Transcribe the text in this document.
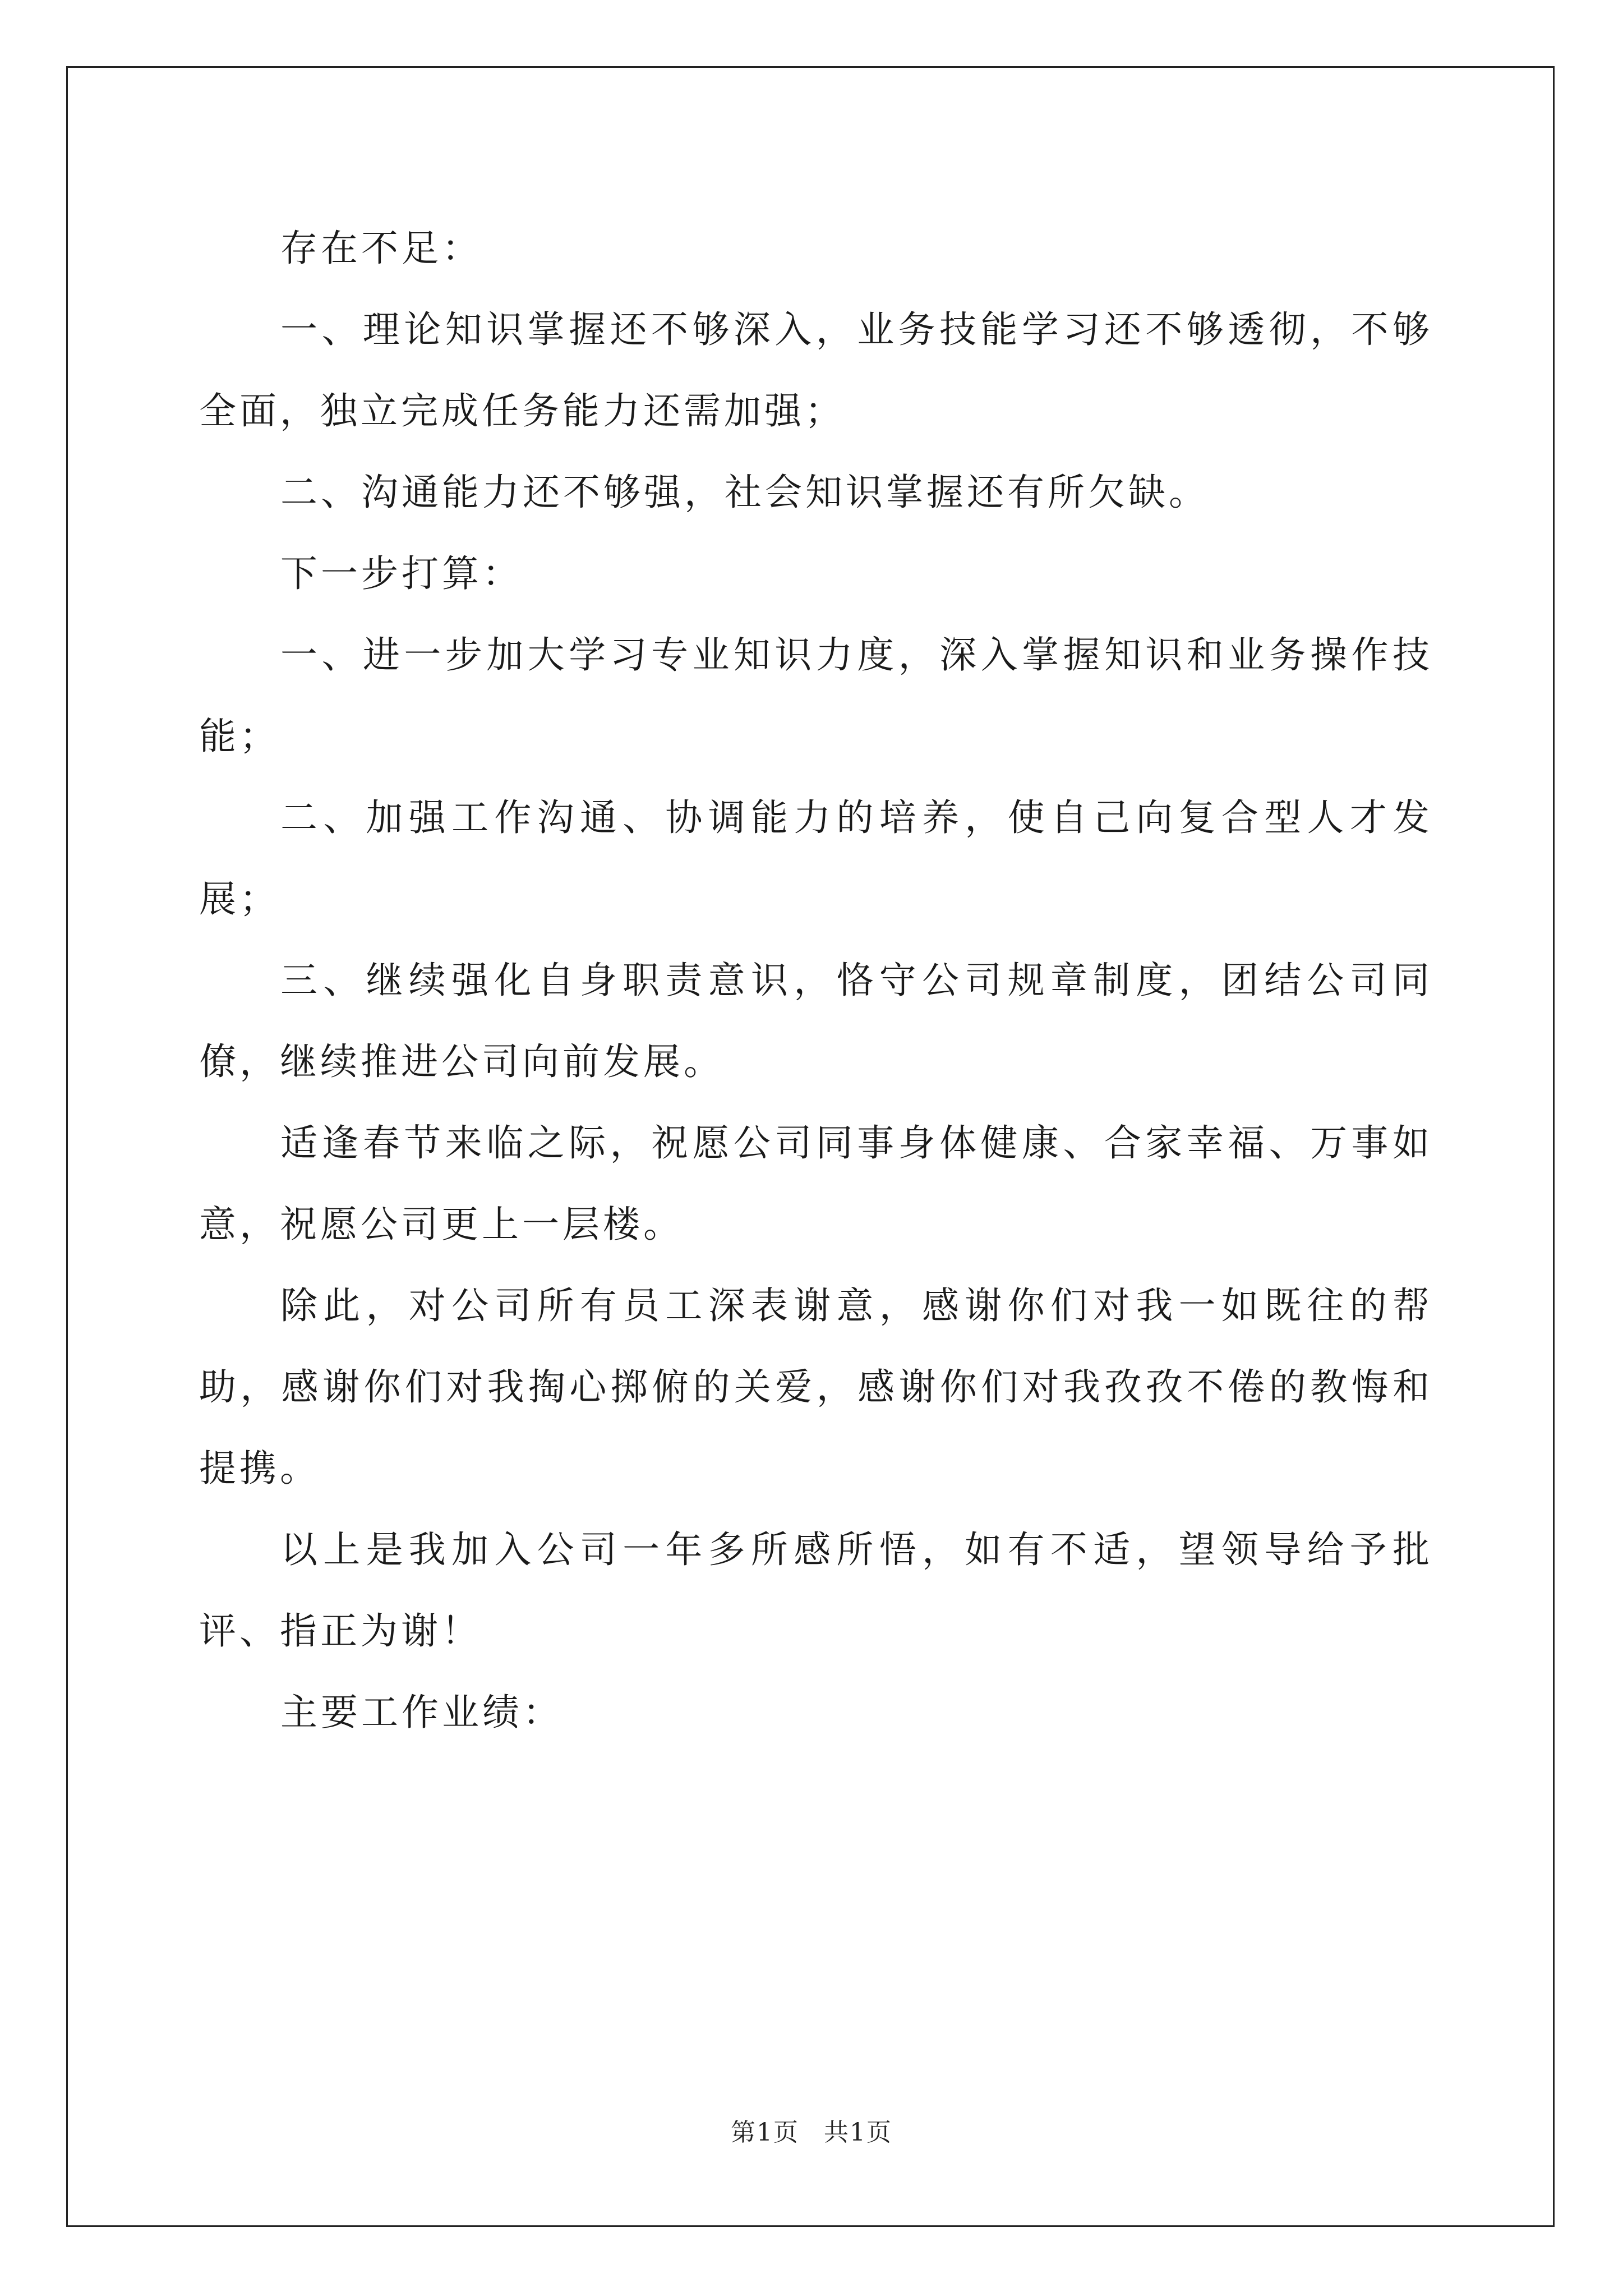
存在不足：

一、理论知识掌握还不够深入，业务技能学习还不够透彻，不够全面，独立完成任务能力还需加强；

二、沟通能力还不够强，社会知识掌握还有所欠缺。

下一步打算：

一、进一步加大学习专业知识力度，深入掌握知识和业务操作技能；

二、加强工作沟通、协调能力的培养，使自己向复合型人才发展；

三、继续强化自身职责意识，恪守公司规章制度，团结公司同僚，继续推进公司向前发展。

适逢春节来临之际，祝愿公司同事身体健康、合家幸福、万事如意，祝愿公司更上一层楼。

除此，对公司所有员工深表谢意，感谢你们对我一如既往的帮助，感谢你们对我掏心掷俯的关爱，感谢你们对我孜孜不倦的教悔和提携。

以上是我加入公司一年多所感所悟，如有不适，望领导给予批评、指正为谢！

主要工作业绩：

第1页 共1页
